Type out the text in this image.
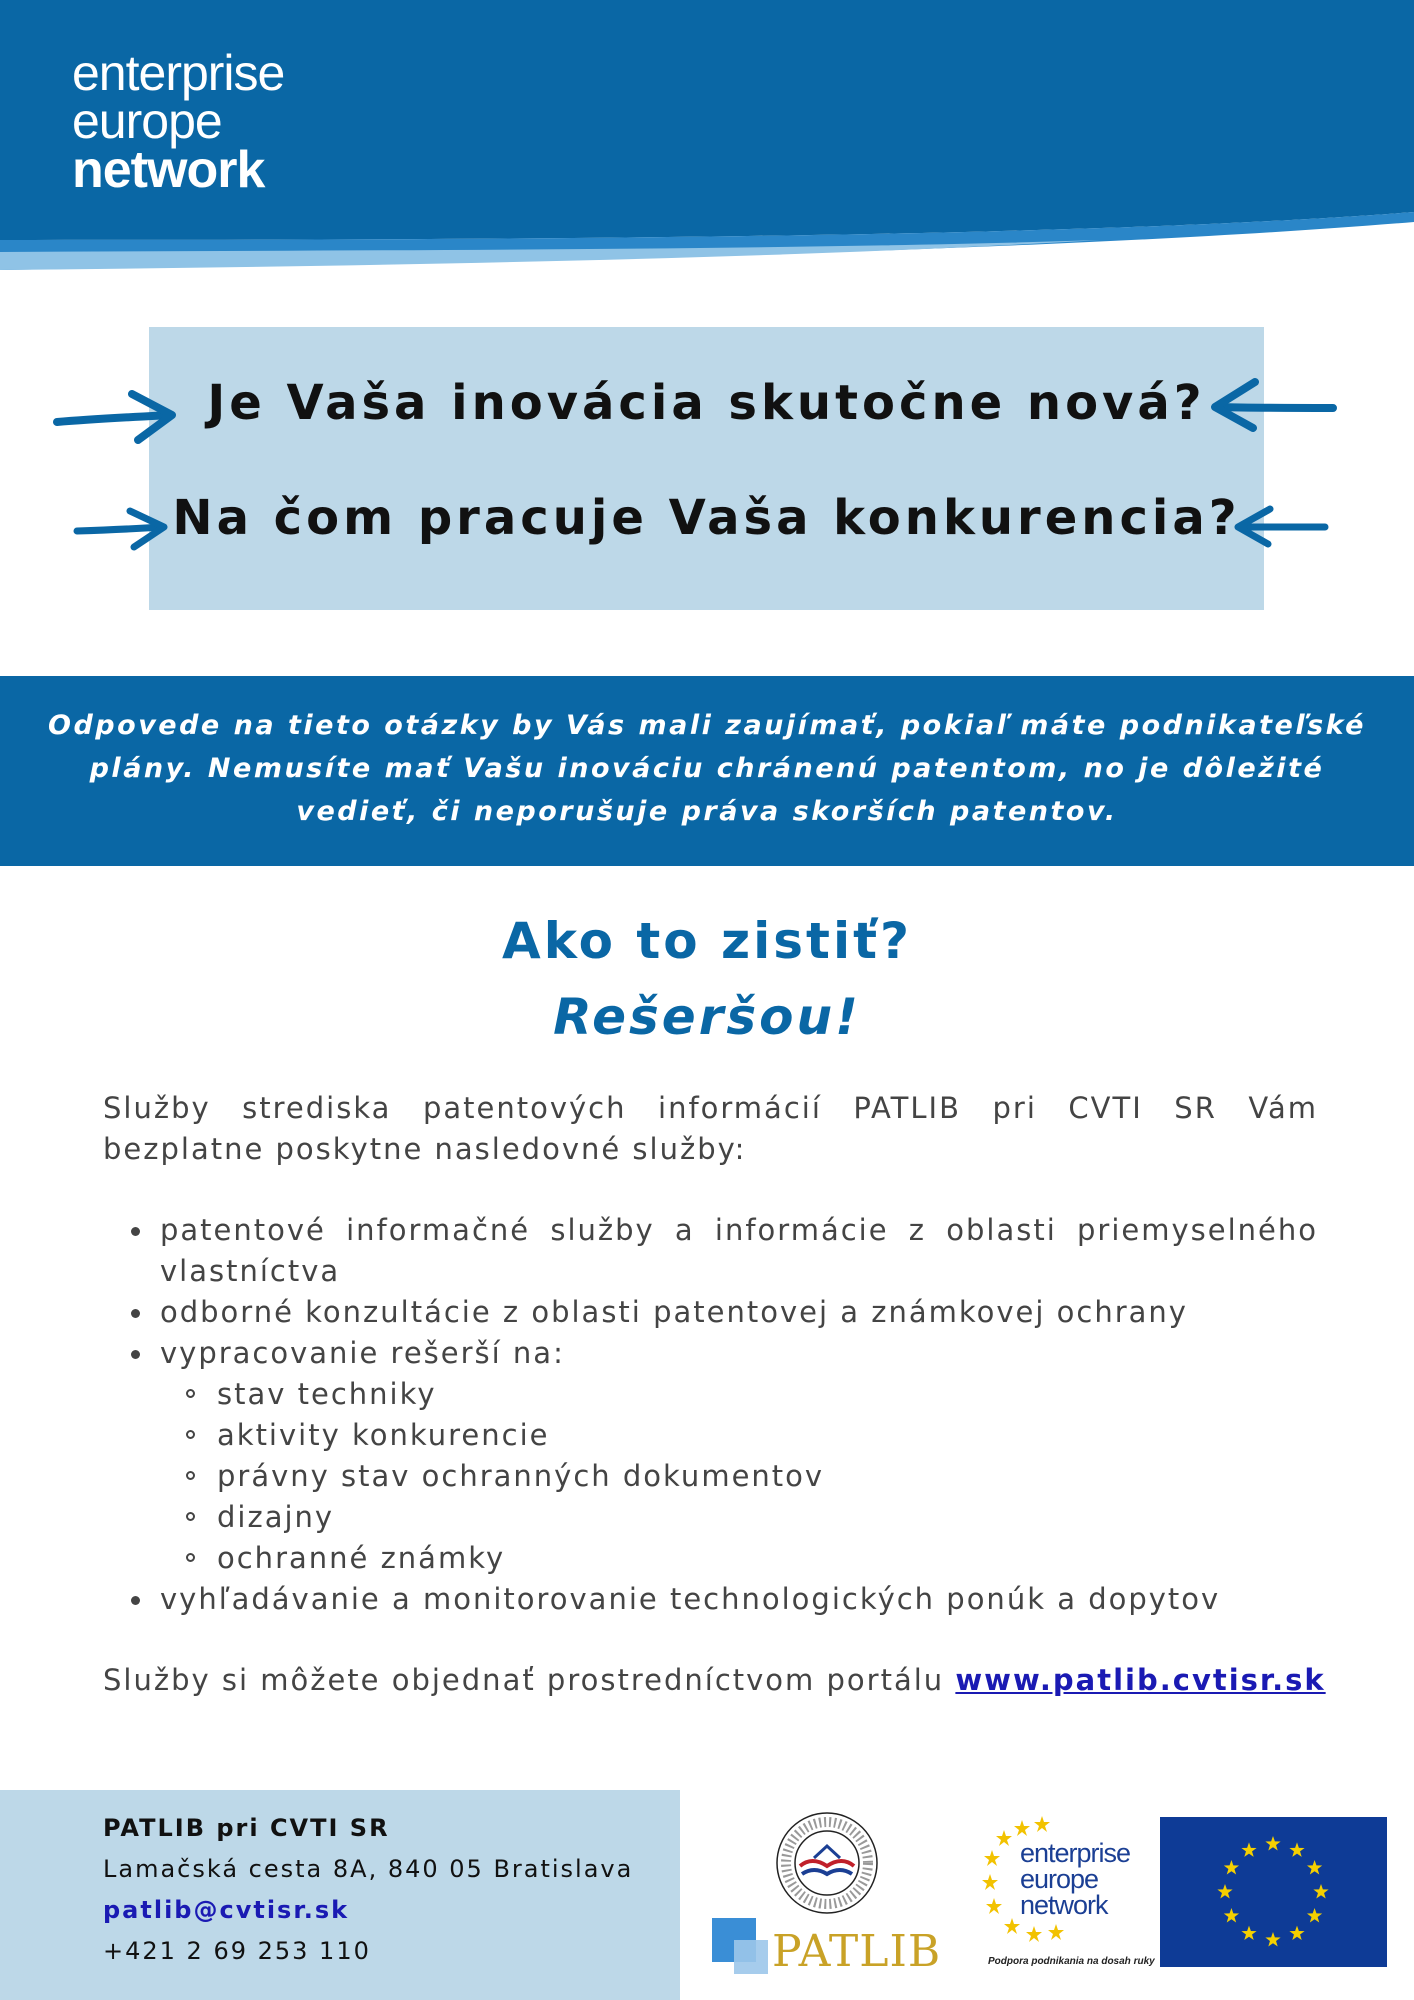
enterprise
europe
network
Je Vaša inovácia skutočne nová?
Na čom pracuje Vaša konkurencia?

Odpovede na tieto otázky by Vás mali zaujímať, pokiaľ máte podnikateľské plány. Nemusíte mať Vašu inováciu chránenú patentom, no je dôležité vedieť, či neporušuje práva skorších patentov.

Ako to zistiť?
Rešeršou!
Služby strediska patentových informácií PATLIB pri CVTI SR Vám bezplatne poskytne nasledovné služby:
patentové informačné služby a informácie z oblasti priemyselného vlastníctva
odborné konzultácie z oblasti patentovej a známkovej ochrany
vypracovanie rešerší na:
stav techniky
aktivity konkurencie
právny stav ochranných dokumentov
dizajny
ochranné známky
vyhľadávanie a monitorovanie technologických ponúk a dopytov
Služby si môžete objednať prostredníctvom portálu www.patlib.cvtisr.sk
PATLIB pri CVTI SR
Lamačská cesta 8A, 840 05 Bratislava
patlib@cvtisr.sk
+421 2 69 253 110	PATLIB
enterprise
europe
network
Podpora podnikania na dosah ruky
